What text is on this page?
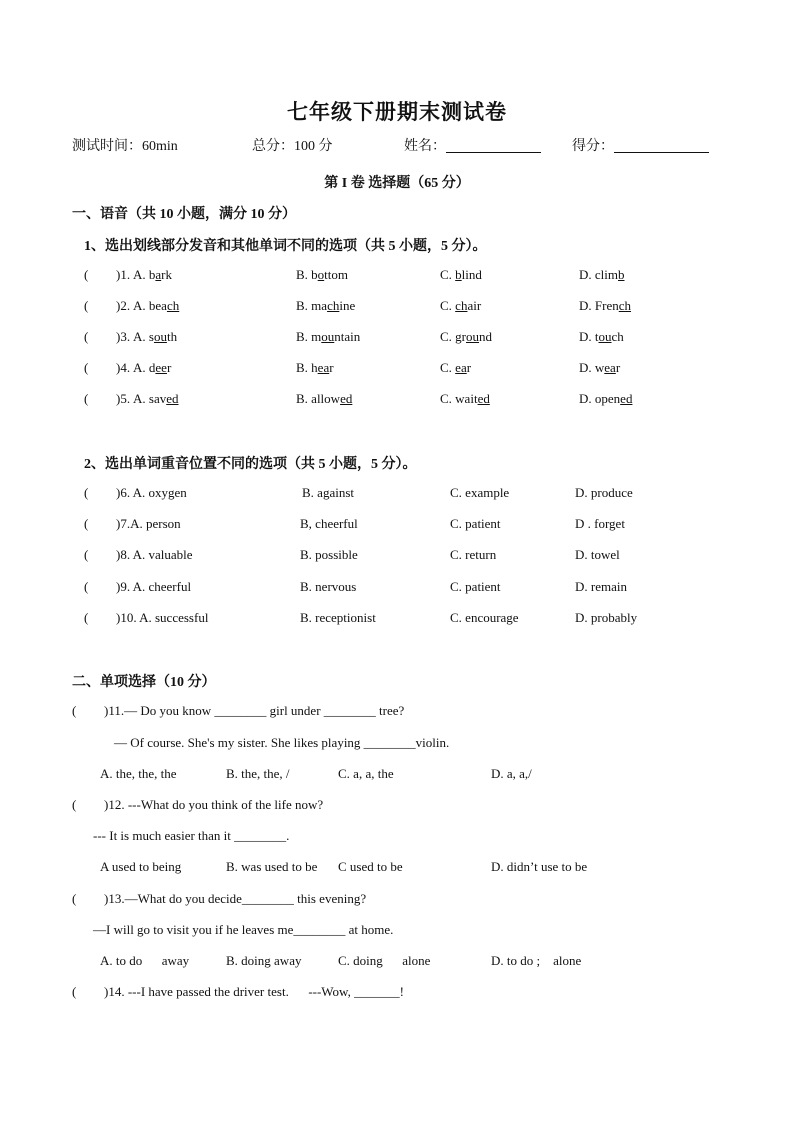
七年级下册期末测试卷
测试时间：60min	总分：100 分	姓名：	得分：
第 I 卷 选择题（65 分）
一、语音（共 10 小题，满分 10 分）
1、选出划线部分发音和其他单词不同的选项（共 5 小题，5 分）。
( )1. A. bark	B. bottom	C. blind	D. climb
( )2. A. beach	B. machine	C. chair	D. French
( )3. A. south	B. mountain	C. ground	D. touch
( )4. A. deer	B. hear	C. ear	D. wear
( )5. A. saved	B. allowed	C. waited	D. opened
2、选出单词重音位置不同的选项（共 5 小题，5 分）。
( )6. A. oxygen	B. against	C. example	D. produce
( )7.A. person	B, cheerful	C. patient	D . forget
( )8. A. valuable	B. possible	C. return	D. towel
( )9. A. cheerful	B. nervous	C. patient	D. remain
( )10. A. successful	B. receptionist	C. encourage	D. probably
二、单项选择（10 分）
( )11.— Do you know ________ girl under ________ tree?
— Of course. She's my sister. She likes playing ________violin.
A. the, the, the	B. the, the, /	C. a, a, the	D. a, a,/
( )12. ---What do you think of the life now?
--- It is much easier than it ________.
A used to being	B. was used to be C used to be	D. didn’t use to be
( )13.—What do you decide________ this evening?
—I will go to visit you if he leaves me________ at home.
A. to do      away	B. doing away	C. doing      alone	D. to do ;    alone
( )14. ---I have passed the driver test.      ---Wow, _______!
